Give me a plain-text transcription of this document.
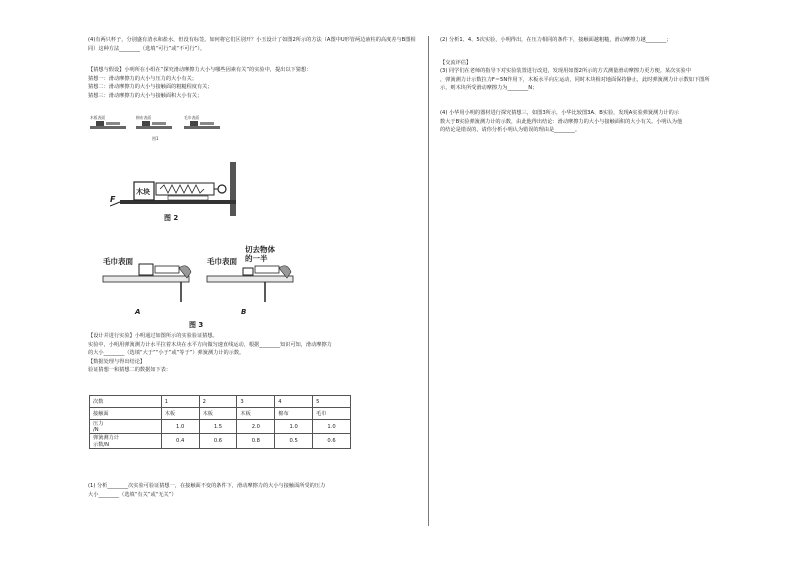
(4)有两只杯子，分别盛有清水和盐水，但没有标签。如何将它们区别开？小玉设计了如图2所示的方法（A图中U形管两边液柱的高度差与B图相同）这种方法________（选填“可行”或“不可行”）。

【猜想与假设】小明所在小组在“探究滑动摩擦力大小与哪些因素有关”的实验中，提出以下猜想：

猜想一：滑动摩擦力的大小与压力的大小有关；

猜想二：滑动摩擦力的大小与接触面的粗糙程度有关；

猜想三：滑动摩擦力的大小与接触面积大小有关；

木板表面	棉布表面	毛巾表面
图1
木块
F
图 2
毛巾表面
A
毛巾表面
切去物体
的一半
B
图 3

【设计并进行实验】小明通过如图所示的实验验证猜想。

实验中，小明用弹簧测力计水平拉着木块在水平方向做匀速直线运动，根据________知识可知，滑动摩擦力

的大小________（选填“大于”“小于”或“等于”）弹簧测力计的示数。

【数据处理与得出结论】

验证猜想一和猜想二的数据如下表：

次数	1	2	3	4	5
接触面	木板	木板	木板	棉布	毛巾
压力
/N	1.0	1.5	2.0	1.0	1.0
弹簧测力计
示数/N	0.4	0.6	0.8	0.5	0.6

(1) 分析________次实验可验证猜想一，在接触面不变的条件下，滑动摩擦力的大小与接触面所受的压力

大小________（选填“有关”或“无关”）

(2) 分析1、4、5次实验，小明得出，在压力相同的条件下，接触面越粗糙，滑动摩擦力越________；

【交流评估】

(3) 同学们在老师的指导下对实验装置进行改进，发现用如图2所示的方式测量滑动摩擦力更方便。某次实验中

，弹簧测力计示数拉力F＝5N作用下，木板水平向左运动，同时木块相对地面保持静止，此时弹簧测力计示数如下图所

示，则木块所受滑动摩擦力为________N；

(4) 小华用小明的器材进行探究猜想三，如图3所示，小华比较图3A、B实验，发现A实验弹簧测力计的示

数大于B实验弹簧测力计的示数，由此他得出结论：滑动摩擦力的大小与接触面积的大小有关。小明认为他

的结论是错误的，请你分析小明认为错误的理由是________。
